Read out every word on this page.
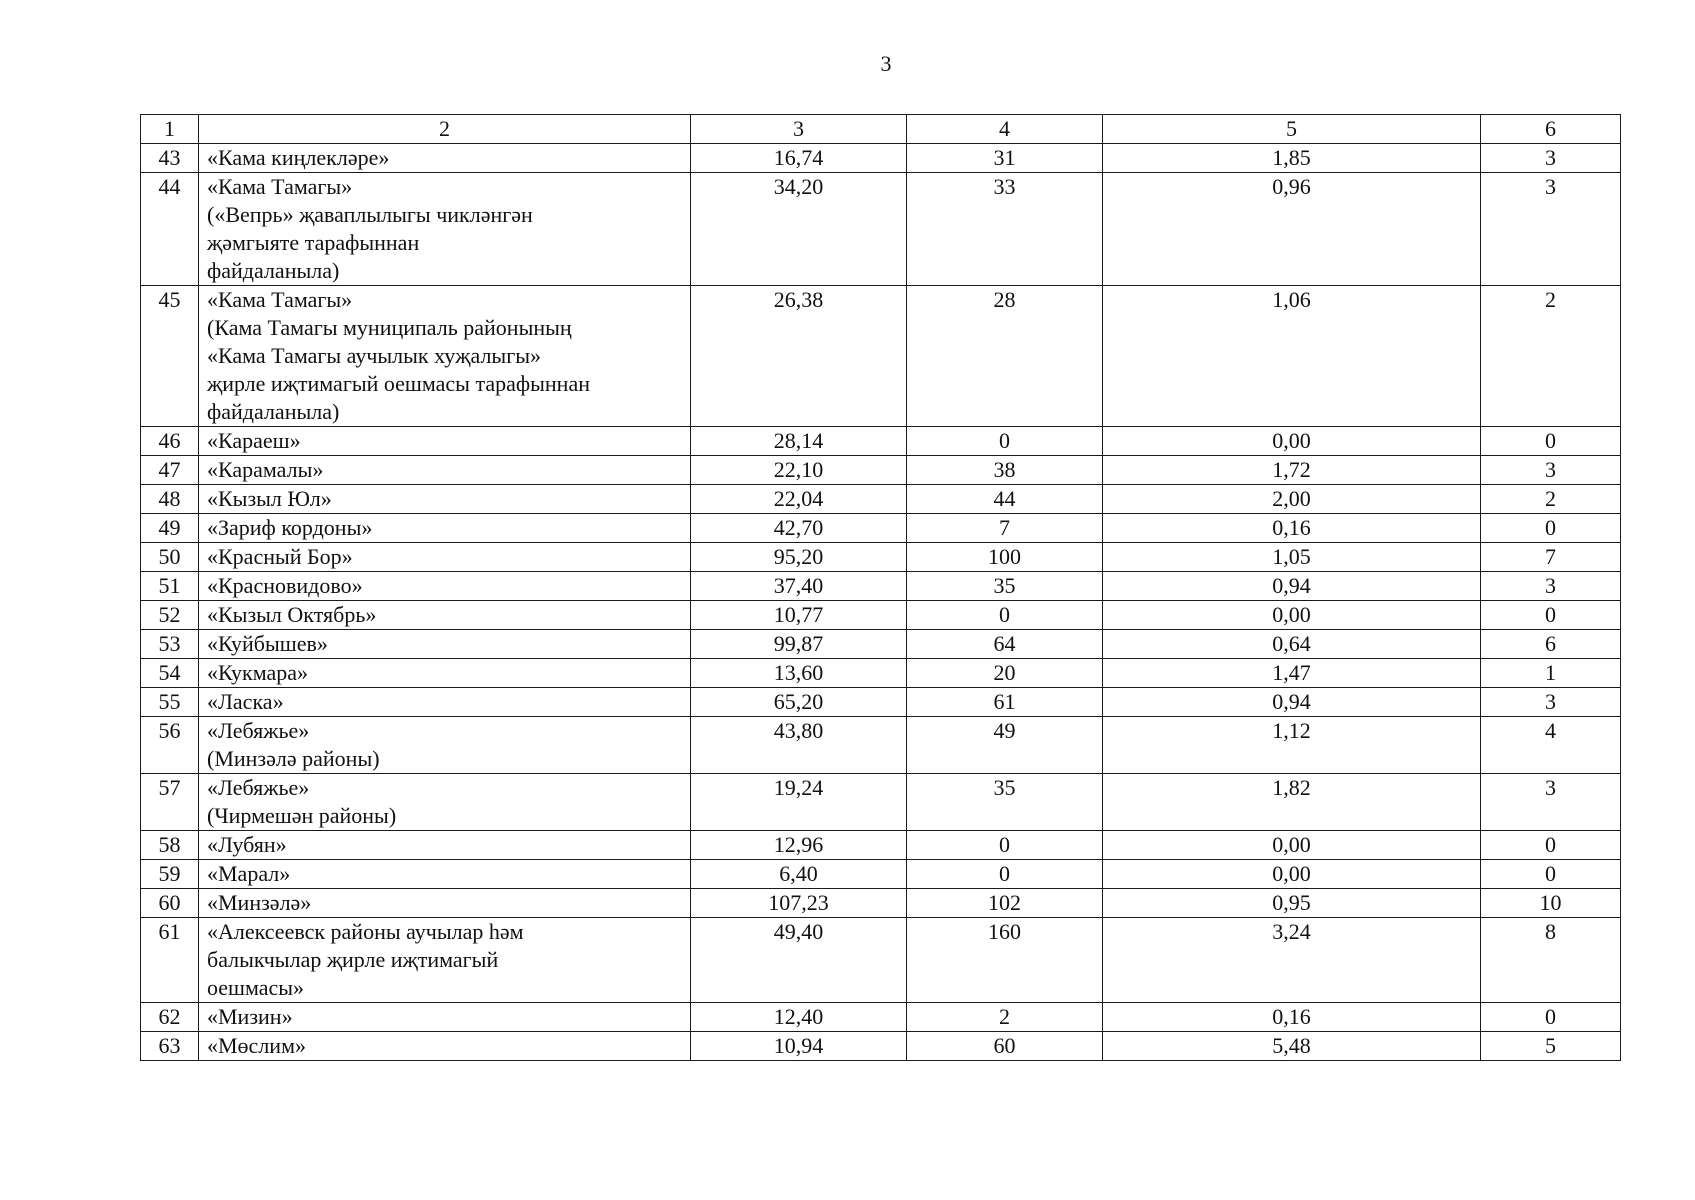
3
1	2	3	4	5	6
43	«Кама киңлекләре»	16,74	31	1,85	3
44	«Кама Тамагы»
(«Вепрь» җаваплылыгы чикләнгән
җәмгыяте тарафыннан
файдаланыла)	34,20	33	0,96	3
45	«Кама Тамагы»
(Кама Тамагы муниципаль районының
«Кама Тамагы аучылык хуҗалыгы»
җирле иҗтимагый оешмасы тарафыннан
файдаланыла)	26,38	28	1,06	2
46	«Караеш»	28,14	0	0,00	0
47	«Карамалы»	22,10	38	1,72	3
48	«Кызыл Юл»	22,04	44	2,00	2
49	«Зариф кордоны»	42,70	7	0,16	0
50	«Красный Бор»	95,20	100	1,05	7
51	«Красновидово»	37,40	35	0,94	3
52	«Кызыл Октябрь»	10,77	0	0,00	0
53	«Куйбышев»	99,87	64	0,64	6
54	«Кукмара»	13,60	20	1,47	1
55	«Ласка»	65,20	61	0,94	3
56	«Лебяжье»
(Минзәлә районы)	43,80	49	1,12	4
57	«Лебяжье»
(Чирмешән районы)	19,24	35	1,82	3
58	«Лубян»	12,96	0	0,00	0
59	«Марал»	6,40	0	0,00	0
60	«Минзәлә»	107,23	102	0,95	10
61	«Алексеевск районы аучылар һәм
балыкчылар җирле иҗтимагый
оешмасы»	49,40	160	3,24	8
62	«Мизин»	12,40	2	0,16	0
63	«Мөслим»	10,94	60	5,48	5
